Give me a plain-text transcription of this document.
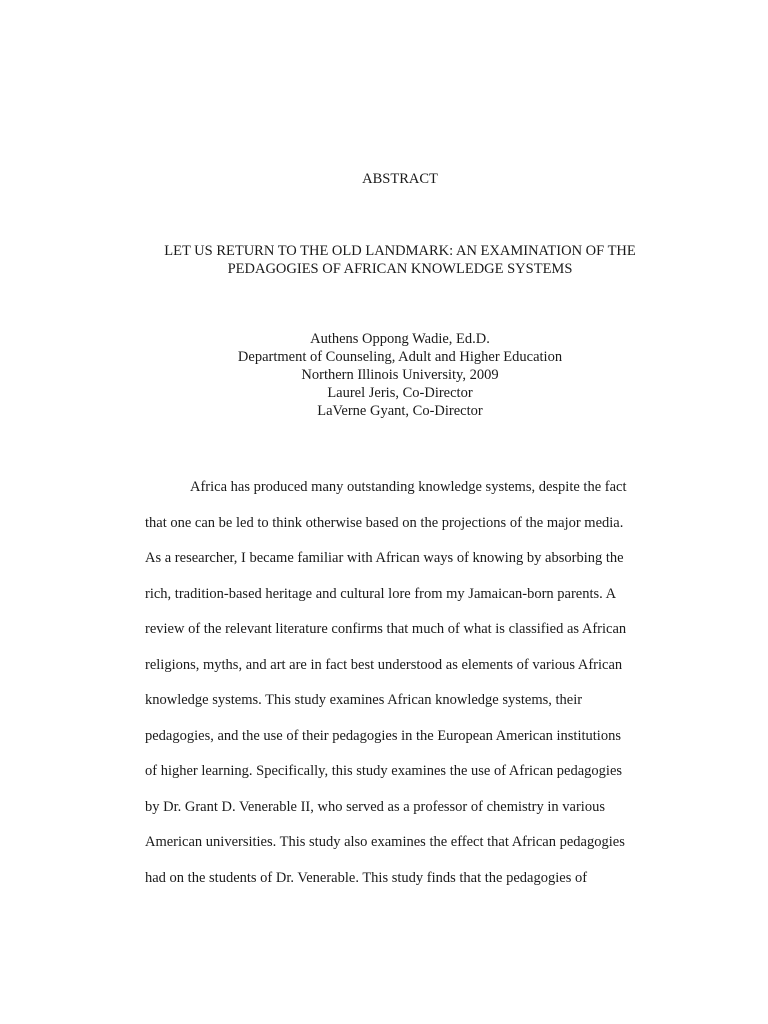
ABSTRACT
LET US RETURN TO THE OLD LANDMARK: AN EXAMINATION OF THE
PEDAGOGIES OF AFRICAN KNOWLEDGE SYSTEMS
Authens Oppong Wadie, Ed.D.
Department of Counseling, Adult and Higher Education
Northern Illinois University, 2009
Laurel Jeris, Co-Director
LaVerne Gyant, Co-Director

Africa has produced many outstanding knowledge systems, despite the fact
that one can be led to think otherwise based on the projections of the major media.
As a researcher, I became familiar with African ways of knowing by absorbing the
rich, tradition-based heritage and cultural lore from my Jamaican-born parents. A
review of the relevant literature confirms that much of what is classified as African
religions, myths, and art are in fact best understood as elements of various African
knowledge systems. This study examines African knowledge systems, their
pedagogies, and the use of their pedagogies in the European American institutions
of higher learning. Specifically, this study examines the use of African pedagogies
by Dr. Grant D. Venerable II, who served as a professor of chemistry in various
American universities. This study also examines the effect that African pedagogies
had on the students of Dr. Venerable. This study finds that the pedagogies of
